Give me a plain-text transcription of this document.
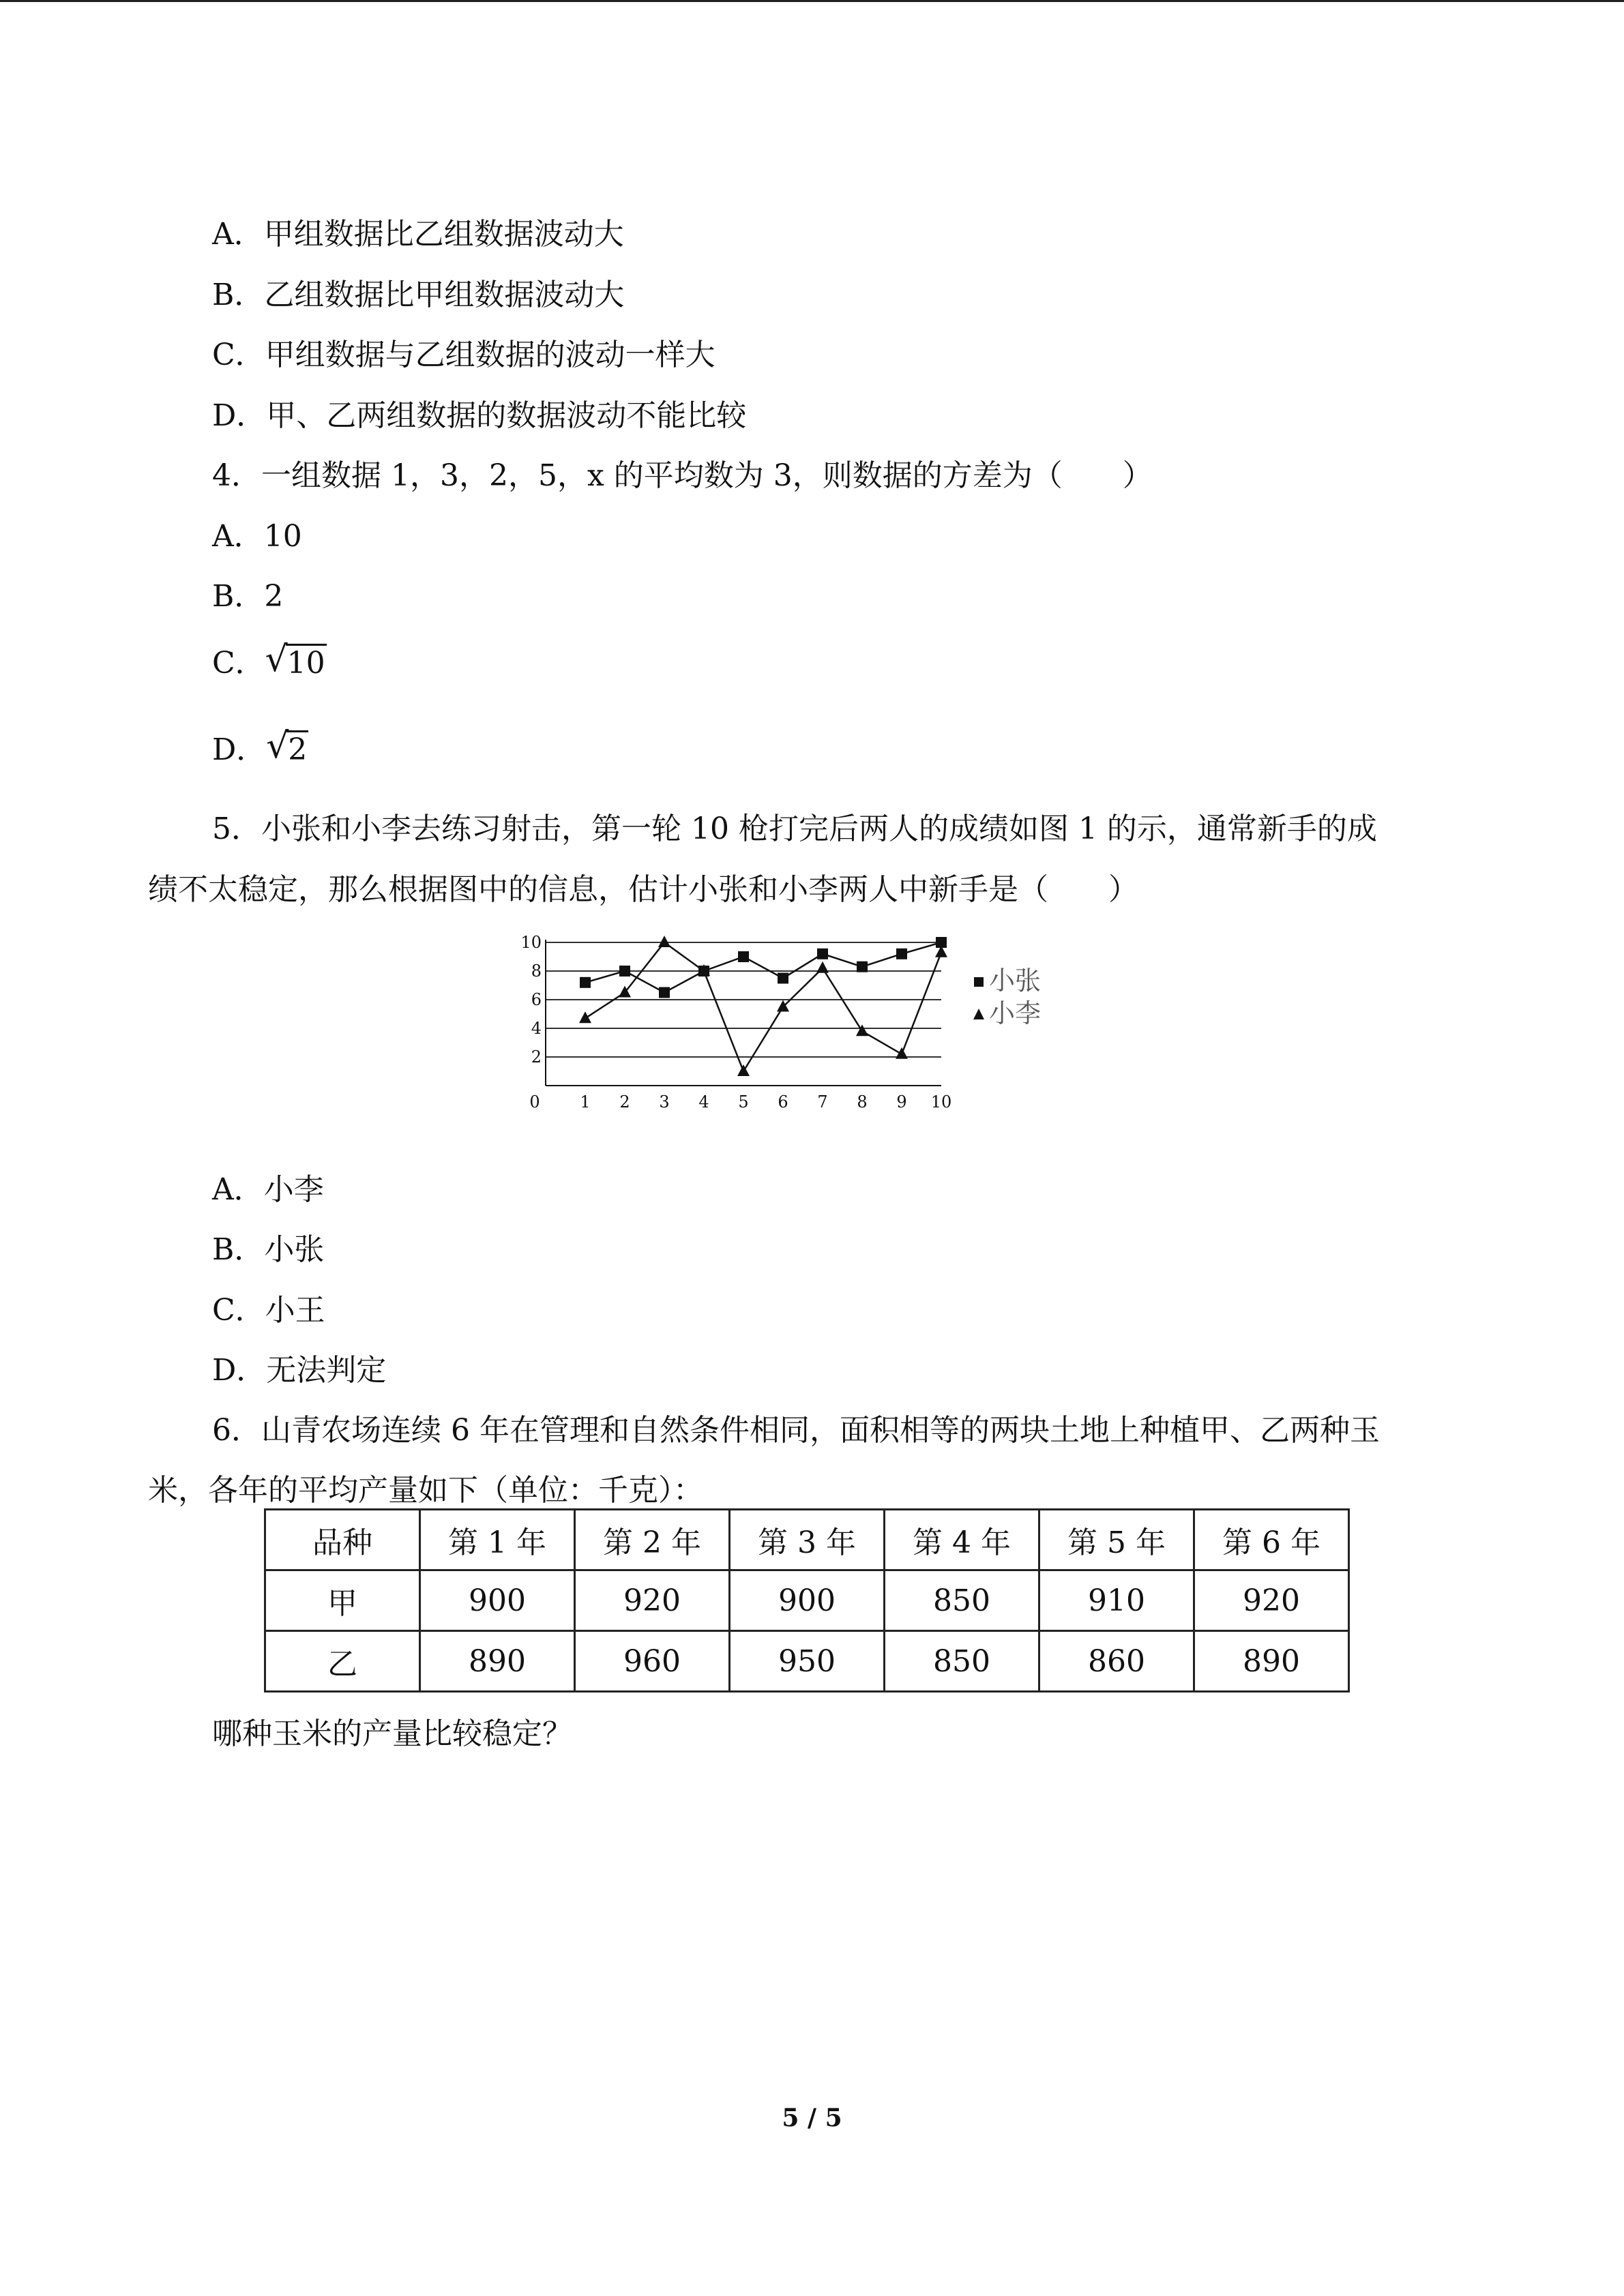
A．甲组数据比乙组数据波动大
B．乙组数据比甲组数据波动大
C．甲组数据与乙组数据的波动一样大
D．甲、乙两组数据的数据波动不能比较
4．一组数据 1，3，2，5，x 的平均数为 3，则数据的方差为（　　）
A．10
B．2
C． √
10
D． √
2
5．小张和小李去练习射击，第一轮 10 枪打完后两人的成绩如图 1 的示，通常新手的成
绩不太稳定，那么根据图中的信息，估计小张和小李两人中新手是（　　）
2
4
6
8
10
0 1 2 3 4 5 6 7 8 9 10
小张
小李
A．小李
B．小张
C．小王
D．无法判定
6．山青农场连续 6 年在管理和自然条件相同，面积相等的两块土地上种植甲、乙两种玉
米，各年的平均产量如下（单位：千克）：
品种	第 1 年	第 2 年	第 3 年	第 4 年	第 5 年	第 6 年
甲	900	920	900	850	910	920
乙	890	960	950	850	860	890
哪种玉米的产量比较稳定？
5 / 5
